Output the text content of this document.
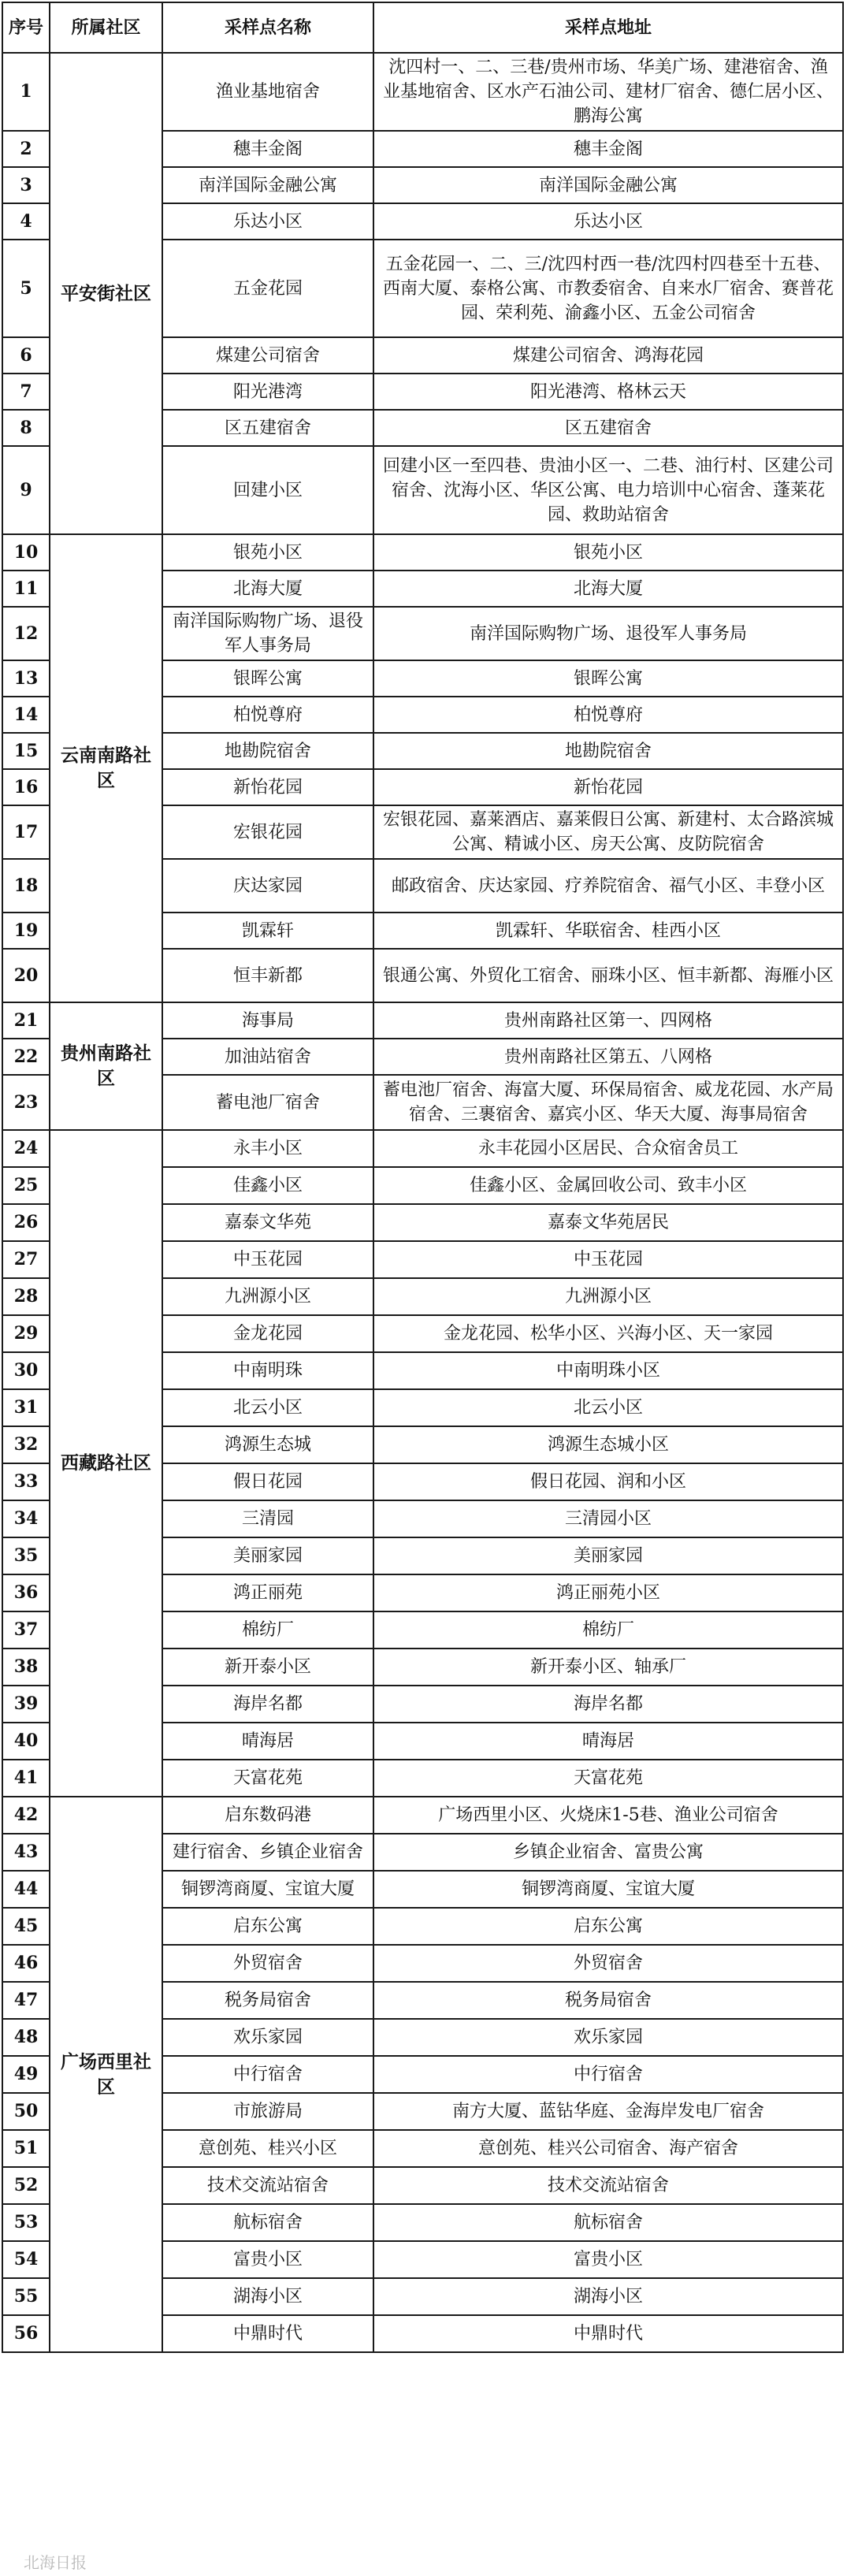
序号	所属社区	采样点名称	采样点地址
1	平安街社区	渔业基地宿舍	沈四村一、二、三巷/贵州市场、华美广场、建港宿舍、渔业基地宿舍、区水产石油公司、建材厂宿舍、德仁居小区、鹏海公寓
2		穗丰金阁	穗丰金阁
3		南洋国际金融公寓	南洋国际金融公寓
4		乐达小区	乐达小区
5		五金花园	五金花园一、二、三/沈四村西一巷/沈四村四巷至十五巷、西南大厦、泰格公寓、市教委宿舍、自来水厂宿舍、赛普花园、荣利苑、渝鑫小区、五金公司宿舍
6		煤建公司宿舍	煤建公司宿舍、鸿海花园
7		阳光港湾	阳光港湾、格林云天
8		区五建宿舍	区五建宿舍
9		回建小区	回建小区一至四巷、贵油小区一、二巷、油行村、区建公司宿舍、沈海小区、华区公寓、电力培训中心宿舍、蓬莱花园、救助站宿舍
10	云南南路社区	银苑小区	银苑小区
11		北海大厦	北海大厦
12		南洋国际购物广场、退役军人事务局	南洋国际购物广场、退役军人事务局
13		银晖公寓	银晖公寓
14		柏悦尊府	柏悦尊府
15		地勘院宿舍	地勘院宿舍
16		新怡花园	新怡花园
17		宏银花园	宏银花园、嘉莱酒店、嘉莱假日公寓、新建村、太合路滨城公寓、精诚小区、房天公寓、皮防院宿舍
18		庆达家园	邮政宿舍、庆达家园、疗养院宿舍、福气小区、丰登小区
19		凯霖轩	凯霖轩、华联宿舍、桂西小区
20		恒丰新都	银通公寓、外贸化工宿舍、丽珠小区、恒丰新都、海雁小区
21	贵州南路社区	海事局	贵州南路社区第一、四网格
22		加油站宿舍	贵州南路社区第五、八网格
23		蓄电池厂宿舍	蓄电池厂宿舍、海富大厦、环保局宿舍、威龙花园、水产局宿舍、三裹宿舍、嘉宾小区、华天大厦、海事局宿舍
24	西藏路社区	永丰小区	永丰花园小区居民、合众宿舍员工
25		佳鑫小区	佳鑫小区、金属回收公司、致丰小区
26		嘉泰文华苑	嘉泰文华苑居民
27		中玉花园	中玉花园
28		九洲源小区	九洲源小区
29		金龙花园	金龙花园、松华小区、兴海小区、天一家园
30		中南明珠	中南明珠小区
31		北云小区	北云小区
32		鸿源生态城	鸿源生态城小区
33		假日花园	假日花园、润和小区
34		三清园	三清园小区
35		美丽家园	美丽家园
36		鸿正丽苑	鸿正丽苑小区
37		棉纺厂	棉纺厂
38		新开泰小区	新开泰小区、轴承厂
39		海岸名都	海岸名都
40		晴海居	晴海居
41		天富花苑	天富花苑
42	广场西里社区	启东数码港	广场西里小区、火烧床1-5巷、渔业公司宿舍
43		建行宿舍、乡镇企业宿舍	乡镇企业宿舍、富贵公寓
44		铜锣湾商厦、宝谊大厦	铜锣湾商厦、宝谊大厦
45		启东公寓	启东公寓
46		外贸宿舍	外贸宿舍
47		税务局宿舍	税务局宿舍
48		欢乐家园	欢乐家园
49		中行宿舍	中行宿舍
50		市旅游局	南方大厦、蓝钻华庭、金海岸发电厂宿舍
51		意创苑、桂兴小区	意创苑、桂兴公司宿舍、海产宿舍
52		技术交流站宿舍	技术交流站宿舍
53		航标宿舍	航标宿舍
54		富贵小区	富贵小区
55		湖海小区	湖海小区
56		中鼎时代	中鼎时代
北海日报
